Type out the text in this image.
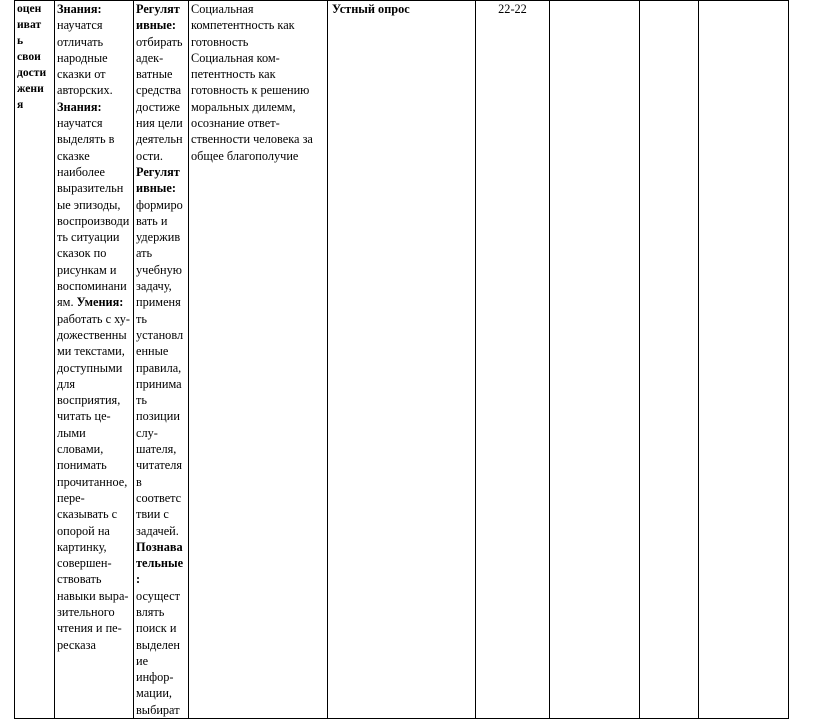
оцен
иват
ь
свои
дости
жени
я

Знания:
научатся
отличать
народные
сказки от
авторских.
Знания:
научатся
выделять в
сказке
наиболее
выразительн
ые эпизоды,
воспроизводи
ть ситуации
сказок по
рисункам и
воспоминани
ям. Умения:
работать с ху-
дожественны
ми текстами,
доступными
для
восприятия,
читать це-
лыми
словами,
понимать
прочитанное,
пере-
сказывать с
опорой на
картинку,
совершен-
ствовать
навыки выра-
зительного
чтения и пе-
ресказа

Регулят
ивные:
отбирать
адек-
ватные
средства
достиже
ния цели
деятельн
ости.
Регулят
ивные:
формиро
вать и
удержив
ать
учебную
задачу,
применя
ть
установл
енные
правила,
принима
ть
позиции
слу-
шателя,
читателя
в
соответс
твии с
задачей.
Познава
тельные
:
осущест
влять
поиск и
выделен
ие
инфор-
мации,
выбират

Социальная
компетентность как
готовность
Социальная ком-
петентность как
готовность к решению
моральных дилемм,
осознание ответ-
ственности человека за
общее благополучие
	Устный опрос	22-22			
